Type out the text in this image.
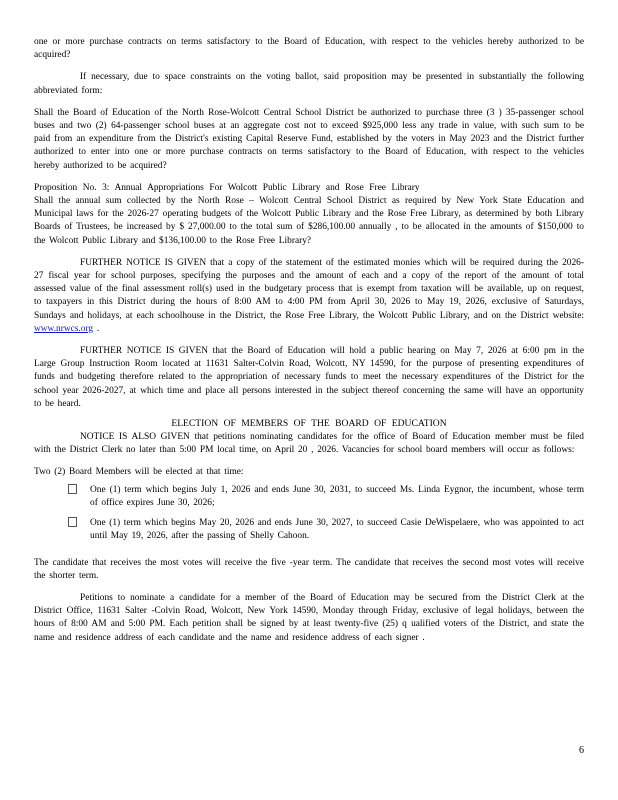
one or more purchase contracts on terms satisfactory to the Board of Education, with respect to the vehicles hereby authorized to be acquired?

If necessary, due to space constraints on the voting ballot, said proposition may be presented in substantially the following abbreviated form:

Shall the Board of Education of the North Rose-Wolcott Central School District be authorized to purchase three (3 ) 35-passenger school buses and two (2) 64-passenger school buses at an aggregate cost not to exceed $925,000 less any trade in value, with such sum to be paid from an expenditure from the District's existing Capital Reserve Fund, established by the voters in May 2023 and the District further authorized to enter into one or more purchase contracts on terms satisfactory to the Board of Education, with respect to the vehicles hereby authorized to be acquired?

Proposition No. 3: Annual Appropriations For Wolcott Public Library and Rose Free Library

Shall the annual sum collected by the North Rose – Wolcott Central School District as required by New York State Education and Municipal laws for the 2026-27 operating budgets of the Wolcott Public Library and the Rose Free Library, as determined by both Library Boards of Trustees, be increased by $ 27,000.00 to the total sum of $286,100.00 annually , to be allocated in the amounts of $150,000 to the Wolcott Public Library and $136,100.00 to the Rose Free Library?

FURTHER NOTICE IS GIVEN that a copy of the statement of the estimated monies which will be required during the 2026-27 fiscal year for school purposes, specifying the purposes and the amount of each and a copy of the report of the amount of total assessed value of the final assessment roll(s) used in the budgetary process that is exempt from taxation will be available, up on request, to taxpayers in this District during the hours of 8:00 AM to 4:00 PM from April 30, 2026 to May 19, 2026, exclusive of Saturdays, Sundays and holidays, at each schoolhouse in the District, the Rose Free Library, the Wolcott Public Library, and on the District website: www.nrwcs.org .

FURTHER NOTICE IS GIVEN that the Board of Education will hold a public hearing on May 7, 2026 at 6:00 pm in the Large Group Instruction Room located at 11631 Salter-Colvin Road, Wolcott, NY 14590, for the purpose of presenting expenditures of funds and budgeting therefore related to the appropriation of necessary funds to meet the necessary expenditures of the District for the school year 2026-2027, at which time and place all persons interested in the subject thereof concerning the same will have an opportunity to be heard.

ELECTION OF MEMBERS OF THE BOARD OF EDUCATION

NOTICE IS ALSO GIVEN that petitions nominating candidates for the office of Board of Education member must be filed with the District Clerk no later than 5:00 PM local time, on April 20 , 2026. Vacancies for school board members will occur as follows:

Two (2) Board Members will be elected at that time:

One (1) term which begins July 1, 2026 and ends June 30, 2031, to succeed Ms. Linda Eygnor, the incumbent, whose term of office expires June 30, 2026;
One (1) term which begins May 20, 2026 and ends June 30, 2027, to succeed Casie DeWispelaere, who was appointed to act until May 19, 2026, after the passing of Shelly Cahoon.

The candidate that receives the most votes will receive the five -year term. The candidate that receives the second most votes will receive the shorter term.

Petitions to nominate a candidate for a member of the Board of Education may be secured from the District Clerk at the District Office, 11631 Salter -Colvin Road, Wolcott, New York 14590, Monday through Friday, exclusive of legal holidays, between the hours of 8:00 AM and 5:00 PM. Each petition shall be signed by at least twenty-five (25) q ualified voters of the District, and state the name and residence address of each candidate and the name and residence address of each signer .

6
